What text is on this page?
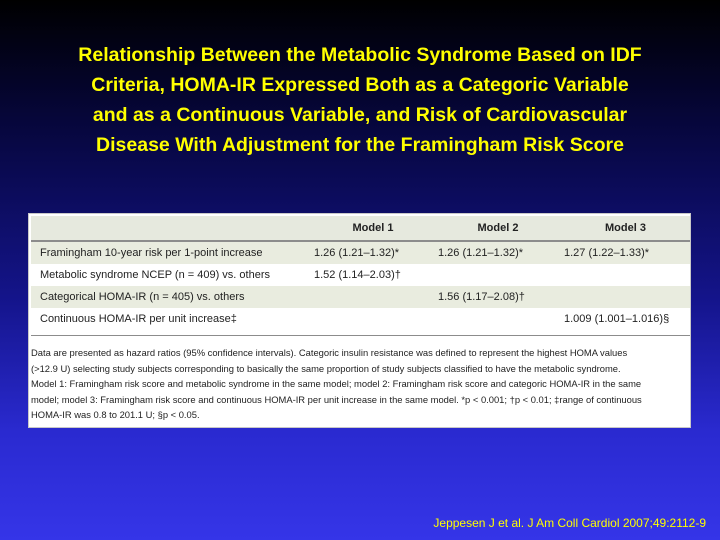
Relationship Between the Metabolic Syndrome Based on IDF
Criteria, HOMA-IR Expressed Both as a Categoric Variable
and as a Continuous Variable, and Risk of Cardiovascular
Disease With Adjustment for the Framingham Risk Score
	Model 1	Model 2	Model 3
Framingham 10-year risk per 1-point increase	1.26 (1.21–1.32)*	1.26 (1.21–1.32)*	1.27 (1.22–1.33)*
Metabolic syndrome NCEP (n = 409) vs. others	1.52 (1.14–2.03)†		
Categorical HOMA-IR (n = 405) vs. others		1.56 (1.17–2.08)†	
Continuous HOMA-IR per unit increase‡			1.009 (1.001–1.016)§

Data are presented as hazard ratios (95% confidence intervals). Categoric insulin resistance was defined to represent the highest HOMA values
(>12.9 U) selecting study subjects corresponding to basically the same proportion of study subjects classified to have the metabolic syndrome.
Model 1: Framingham risk score and metabolic syndrome in the same model; model 2: Framingham risk score and categoric HOMA-IR in the same
model; model 3: Framingham risk score and continuous HOMA-IR per unit increase in the same model. *p < 0.001; †p < 0.01; ‡range of continuous
HOMA-IR was 0.8 to 201.1 U; §p < 0.05.

Jeppesen J et al. J Am Coll Cardiol 2007;49:2112-9
